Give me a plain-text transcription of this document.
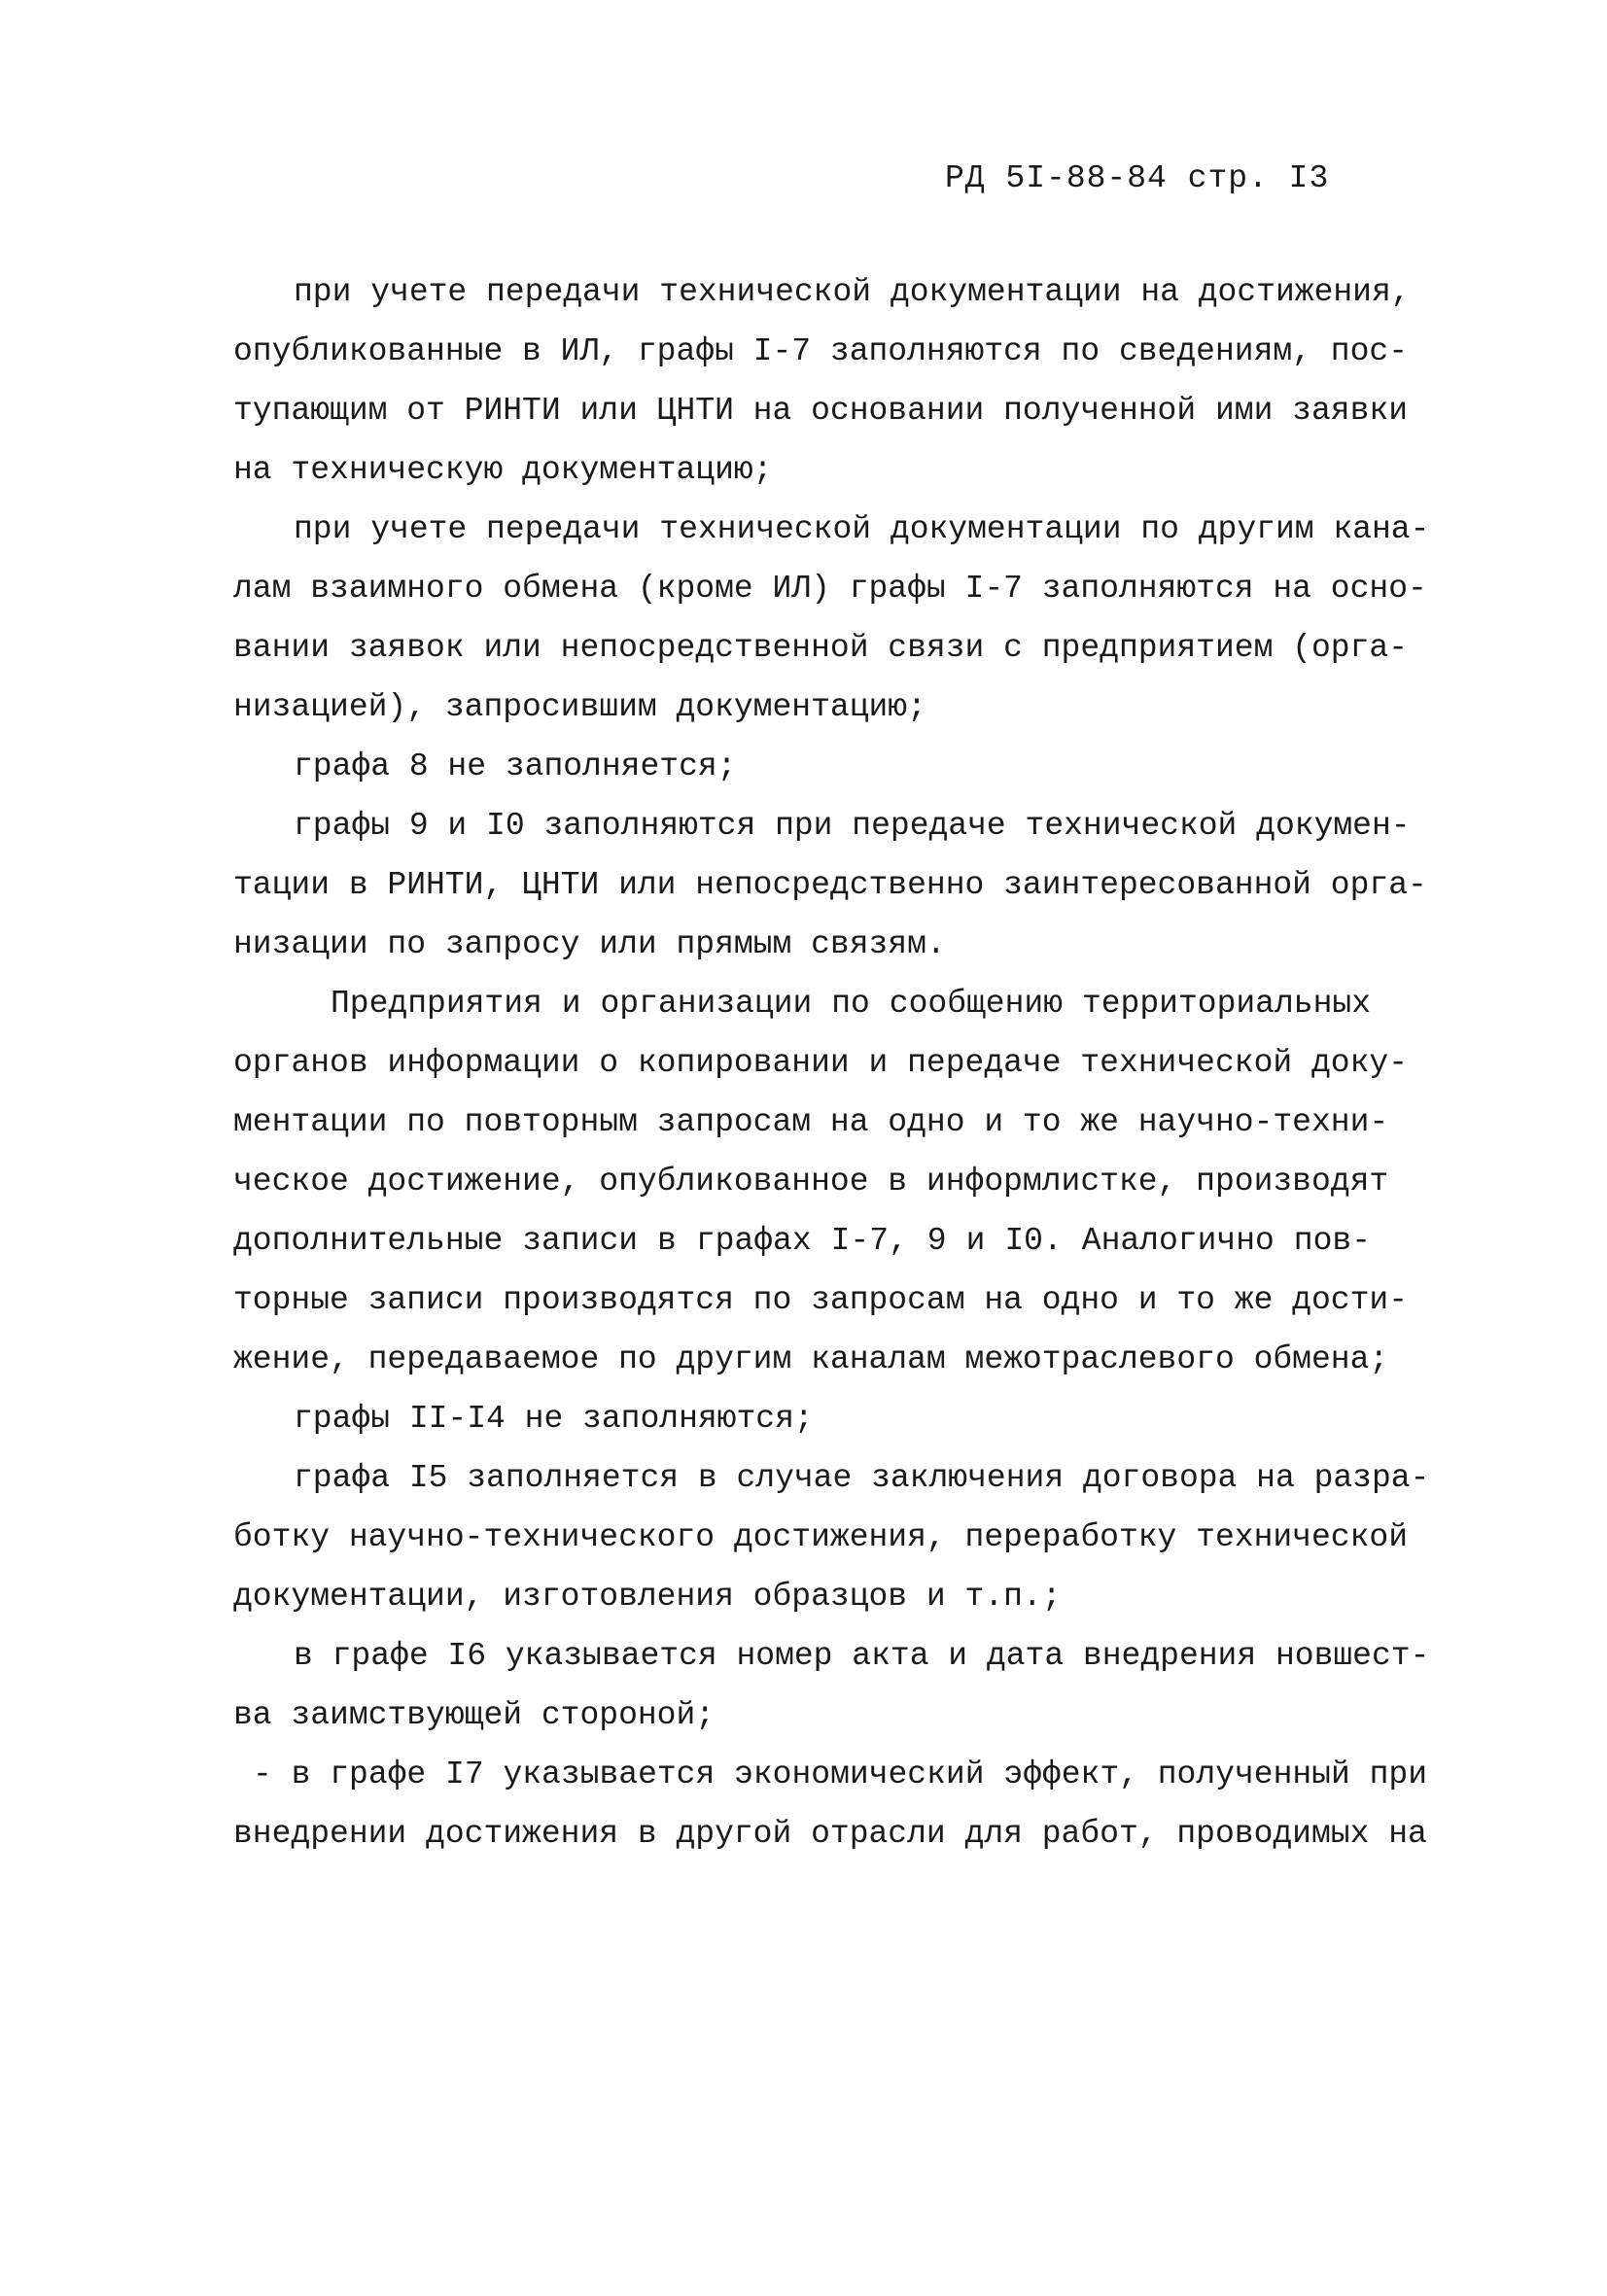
РД 5I-88-84 стр. I3
при учете передачи технической документации на достижения,
опубликованные в ИЛ, графы I-7 заполняются по сведениям, пос-
тупающим от РИНТИ или ЦНТИ на основании полученной ими заявки
на техническую документацию;
при учете передачи технической документации по другим кана-
лам взаимного обмена (кроме ИЛ) графы I-7 заполняются на осно-
вании заявок или непосредственной связи с предприятием (орга-
низацией), запросившим документацию;
графа 8 не заполняется;
графы 9 и I0 заполняются при передаче технической докумен-
тации в РИНТИ, ЦНТИ или непосредственно заинтересованной орга-
низации по запросу или прямым связям.
Предприятия и организации по сообщению территориальных
органов информации о копировании и передаче технической доку-
ментации по повторным запросам на одно и то же научно-техни-
ческое достижение, опубликованное в информлистке, производят
дополнительные записи в графах I-7, 9 и I0. Аналогично пов-
торные записи производятся по запросам на одно и то же дости-
жение, передаваемое по другим каналам межотраслевого обмена;
графы II-I4 не заполняются;
графа I5 заполняется в случае заключения договора на разра-
ботку научно-технического достижения, переработку технической
документации, изготовления образцов и т.п.;
в графе I6 указывается номер акта и дата внедрения новшест-
ва заимствующей стороной;
- в графе I7 указывается экономический эффект, полученный при
внедрении достижения в другой отрасли для работ, проводимых на
